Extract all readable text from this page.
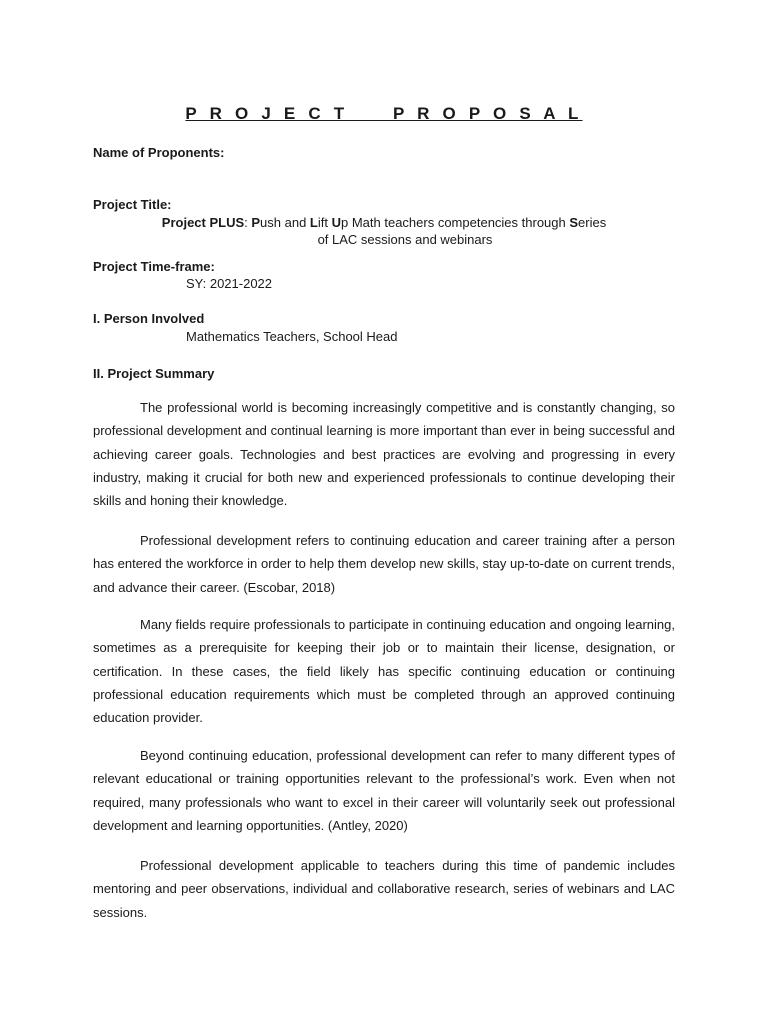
P R O J E C T     P R O P O S A L
Name of Proponents:
Project Title:
Project PLUS: Push and Lift Up Math teachers competencies through Series
of LAC sessions and webinars
Project Time-frame:
SY: 2021-2022
I. Person Involved
Mathematics Teachers, School Head
II. Project Summary

The professional world is becoming increasingly competitive and is constantly changing, so professional development and continual learning is more important than ever in being successful and achieving career goals. Technologies and best practices are evolving and progressing in every industry, making it crucial for both new and experienced professionals to continue developing their skills and honing their knowledge.

Professional development refers to continuing education and career training after a person has entered the workforce in order to help them develop new skills, stay up-to-date on current trends, and advance their career. (Escobar, 2018)

Many fields require professionals to participate in continuing education and ongoing learning, sometimes as a prerequisite for keeping their job or to maintain their license, designation, or certification. In these cases, the field likely has specific continuing education or continuing professional education requirements which must be completed through an approved continuing education provider.

Beyond continuing education, professional development can refer to many different types of relevant educational or training opportunities relevant to the professional’s work. Even when not required, many professionals who want to excel in their career will voluntarily seek out professional development and learning opportunities. (Antley, 2020)

Professional development applicable to teachers during this time of pandemic includes mentoring and peer observations, individual and collaborative research, series of webinars and LAC sessions.
